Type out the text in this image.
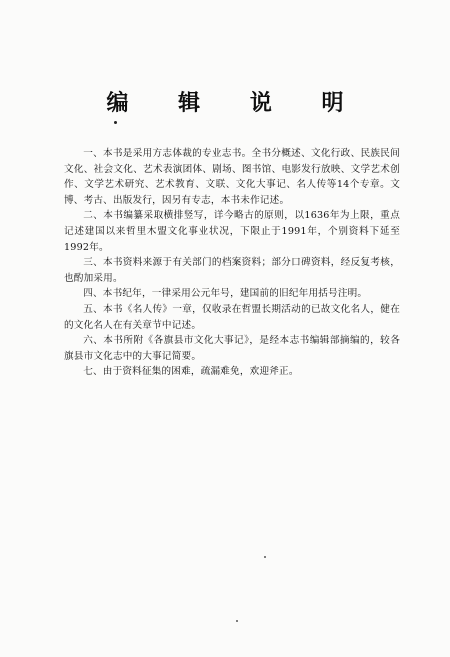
编 辑 说 明

一、本书是采用方志体裁的专业志书。全书分概述、文化行政、民族民间文化、社会文化、艺术表演团体、剧场、图书馆、电影发行放映、文学艺术创作、文学艺术研究、艺术教育、文联、文化大事记、名人传等14个专章。文博、考古、出版发行，因另有专志，本书未作记述。

二、本书编纂采取横排竖写，详今略古的原则，以1636年为上限，重点记述建国以来哲里木盟文化事业状况，下限止于1991年，个别资料下延至1992年。

三、本书资料来源于有关部门的档案资料；部分口碑资料，经反复考核，也酌加采用。

四、本书纪年，一律采用公元年号，建国前的旧纪年用括号注明。

五、本书《名人传》一章，仅收录在哲盟长期活动的已故文化名人，健在的文化名人在有关章节中记述。

六、本书所附《各旗县市文化大事记》，是经本志书编辑部摘编的，较各旗县市文化志中的大事记简要。

七、由于资料征集的困难，疏漏难免，欢迎斧正。
